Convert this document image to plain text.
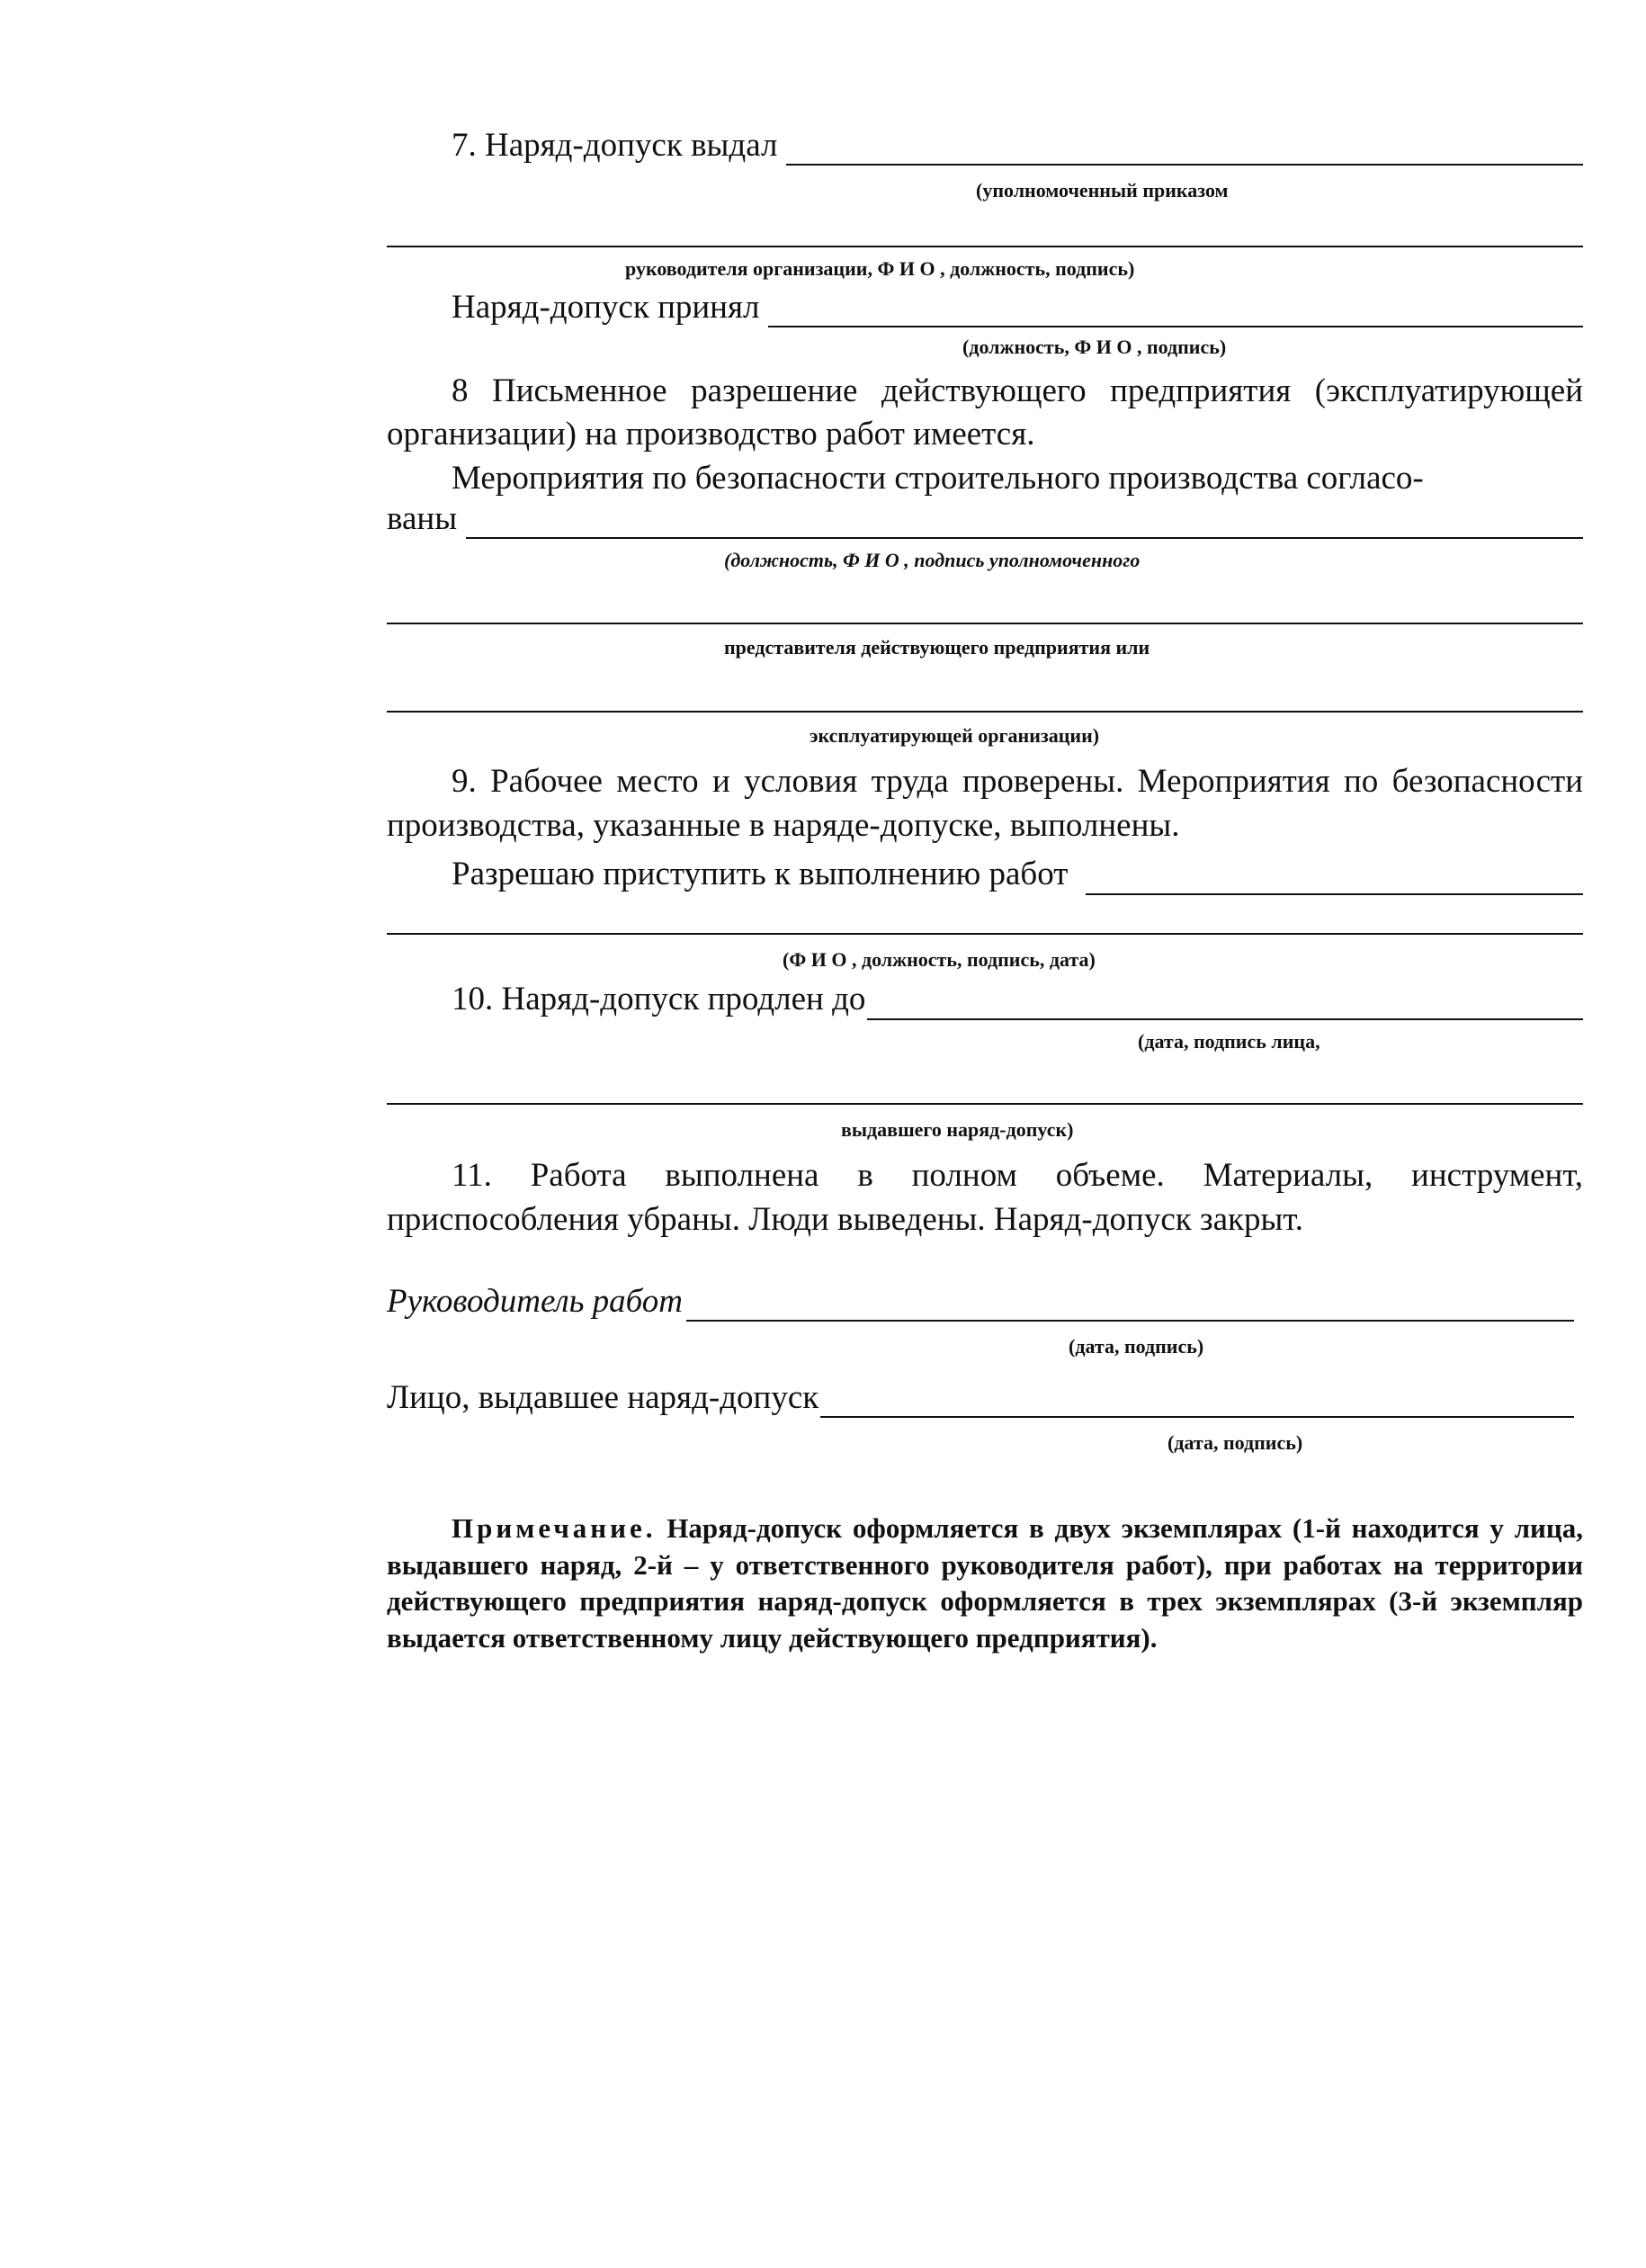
7. Наряд-допуск выдал
(уполномоченный приказом
руководителя организации, Ф И О , должность, подпись)
Наряд-допуск принял
(должность, Ф И О , подпись)

8 Письменное разрешение действующего предприятия (эксплуатирующей организации) на производство работ имеется.

Мероприятия по безопасности строительного производства согласо-
ваны
(должность, Ф И О , подпись уполномоченного
представителя действующего предприятия или
эксплуатирующей организации)

9. Рабочее место и условия труда проверены. Мероприятия по безопасности производства, указанные в наряде-допуске, выполнены.

Разрешаю приступить к выполнению работ
(Ф И О , должность, подпись, дата)
10. Наряд-допуск продлен до
(дата, подпись лица,
выдавшего наряд-допуск)

11. Работа выполнена в полном объеме. Материалы, инструмент, приспособления убраны. Люди выведены. Наряд-допуск закрыт.

Руководитель работ
(дата, подпись)
Лицо, выдавшее наряд-допуск
(дата, подпись)

Примечание. Наряд-допуск оформляется в двух экземплярах (1-й находится у лица, выдавшего наряд, 2-й – у ответственного руководителя работ), при работах на территории действующего предприятия наряд-допуск оформляется в трех экземплярах (3-й экземпляр выдается ответственному лицу действующего предприятия).
